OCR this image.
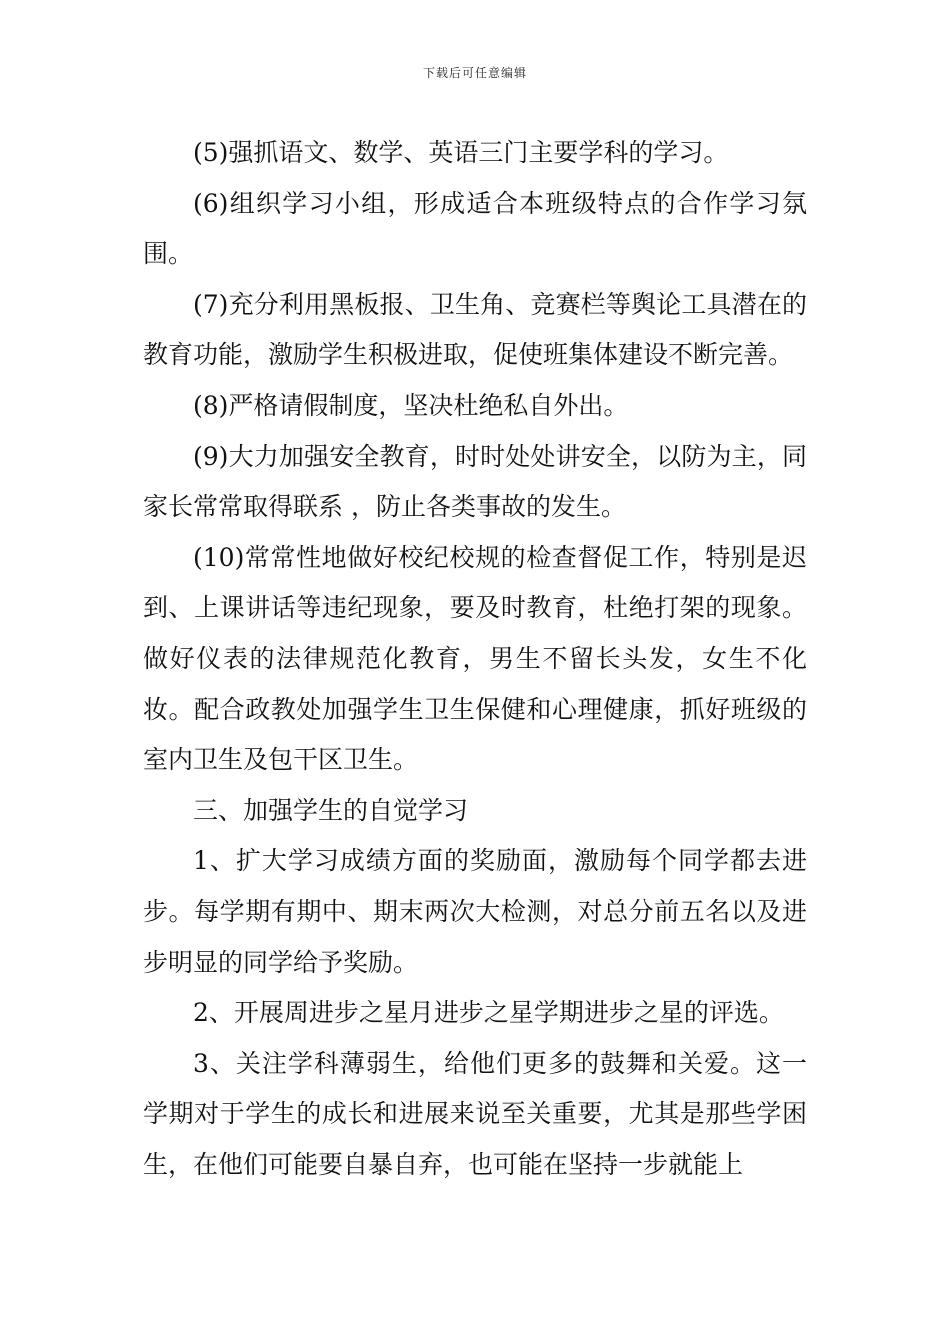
下载后可任意编辑

(5)强抓语文、数学、英语三门主要学科的学习。

(6)组织学习小组，形成适合本班级特点的合作学习氛围。

(7)充分利用黑板报、卫生角、竞赛栏等舆论工具潜在的教育功能，激励学生积极进取，促使班集体建设不断完善。

(8)严格请假制度，坚决杜绝私自外出。

(9)大力加强安全教育，时时处处讲安全，以防为主，同家长常常取得联系 ，防止各类事故的发生。

(10)常常性地做好校纪校规的检查督促工作，特别是迟到、上课讲话等违纪现象，要及时教育，杜绝打架的现象。做好仪表的法律规范化教育，男生不留长头发，女生不化妆。配合政教处加强学生卫生保健和心理健康，抓好班级的室内卫生及包干区卫生。

三、加强学生的自觉学习

1、扩大学习成绩方面的奖励面，激励每个同学都去进步。每学期有期中、期末两次大检测，对总分前五名以及进步明显的同学给予奖励。

2、开展周进步之星月进步之星学期进步之星的评选。

3、关注学科薄弱生，给他们更多的鼓舞和关爱。这一学期对于学生的成长和进展来说至关重要，尤其是那些学困生，在他们可能要自暴自弃，也可能在坚持一步就能上
